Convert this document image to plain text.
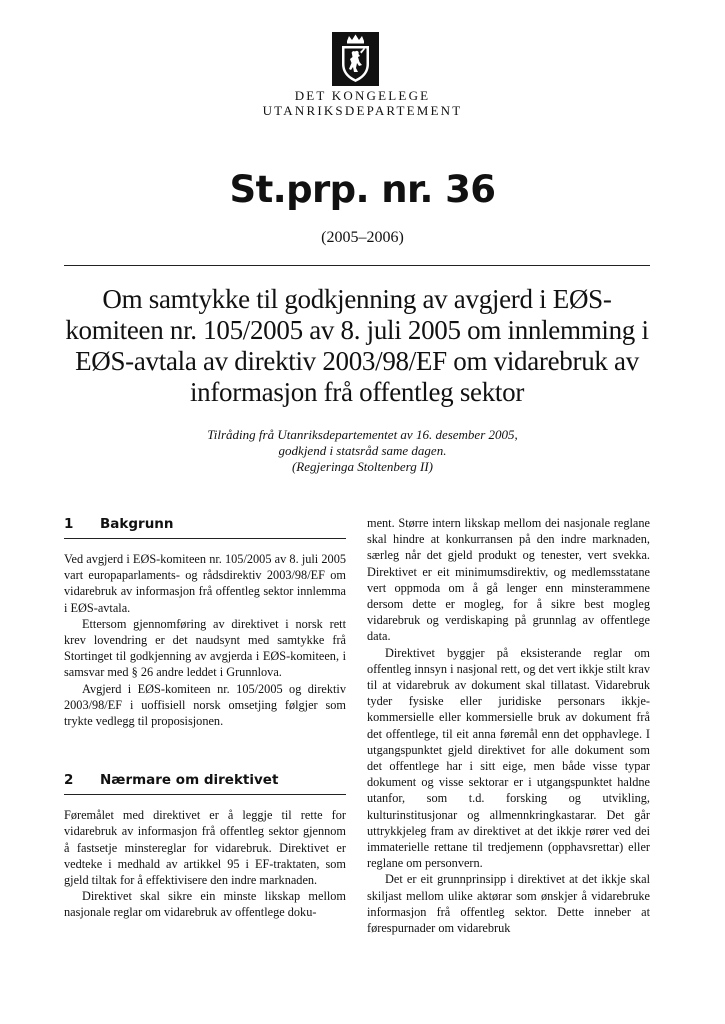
DET KONGELEGE
UTANRIKSDEPARTEMENT
St.prp. nr. 36
(2005–2006)
Om samtykke til godkjenning av avgjerd i EØS-komiteen nr. 105/2005 av 8. juli 2005 om innlemming i EØS-avtala av direktiv 2003/98/EF om vidarebruk av informasjon frå offentleg sektor
Tilråding frå Utanriksdepartementet av 16. desember 2005,
godkjend i statsråd same dagen.
(Regjeringa Stoltenberg II)
1	Bakgrunn

Ved avgjerd i EØS-komiteen nr. 105/2005 av 8. juli 2005 vart europaparlaments- og rådsdirektiv 2003/98/EF om vidarebruk av informasjon frå offentleg sektor innlemma i EØS-avtala.

Ettersom gjennomføring av direktivet i norsk rett krev lovendring er det naudsynt med samtykke frå Stortinget til godkjenning av avgjerda i EØS-komiteen, i samsvar med § 26 andre leddet i Grunnlova.

Avgjerd i EØS-komiteen nr. 105/2005 og direktiv 2003/98/EF i uoffisiell norsk omsetjing følgjer som trykte vedlegg til proposisjonen.

2	Nærmare om direktivet

Føremålet med direktivet er å leggje til rette for vidarebruk av informasjon frå offentleg sektor gjennom å fastsetje minstereglar for vidarebruk. Direktivet er vedteke i medhald av artikkel 95 i EF-traktaten, som gjeld tiltak for å effektivisere den indre marknaden.

Direktivet skal sikre ein minste likskap mellom nasjonale reglar om vidarebruk av offentlege doku-

ment. Større intern likskap mellom dei nasjonale reglane skal hindre at konkurransen på den indre marknaden, særleg når det gjeld produkt og tenester, vert svekka. Direktivet er eit minimumsdirektiv, og medlemsstatane vert oppmoda om å gå lenger enn minsterammene dersom dette er mogleg, for å sikre best mogleg vidarebruk og verdiskaping på grunnlag av offentlege data.

Direktivet byggjer på eksisterande reglar om offentleg innsyn i nasjonal rett, og det vert ikkje stilt krav til at vidarebruk av dokument skal tillatast. Vidarebruk tyder fysiske eller juridiske personars ikkje-kommersielle eller kommersielle bruk av dokument frå det offentlege, til eit anna føremål enn det opphavlege. I utgangspunktet gjeld direktivet for alle dokument som det offentlege har i sitt eige, men både visse typar dokument og visse sektorar er i utgangspunktet haldne utanfor, som t.d. forsking og utvikling, kulturinstitusjonar og allmennkringkastarar. Det går uttrykkjeleg fram av direktivet at det ikkje rører ved dei immaterielle rettane til tredjemenn (opphavsrettar) eller reglane om personvern.

Det er eit grunnprinsipp i direktivet at det ikkje skal skiljast mellom ulike aktørar som ønskjer å vidarebruke informasjon frå offentleg sektor. Dette inneber at førespurnader om vidarebruk
